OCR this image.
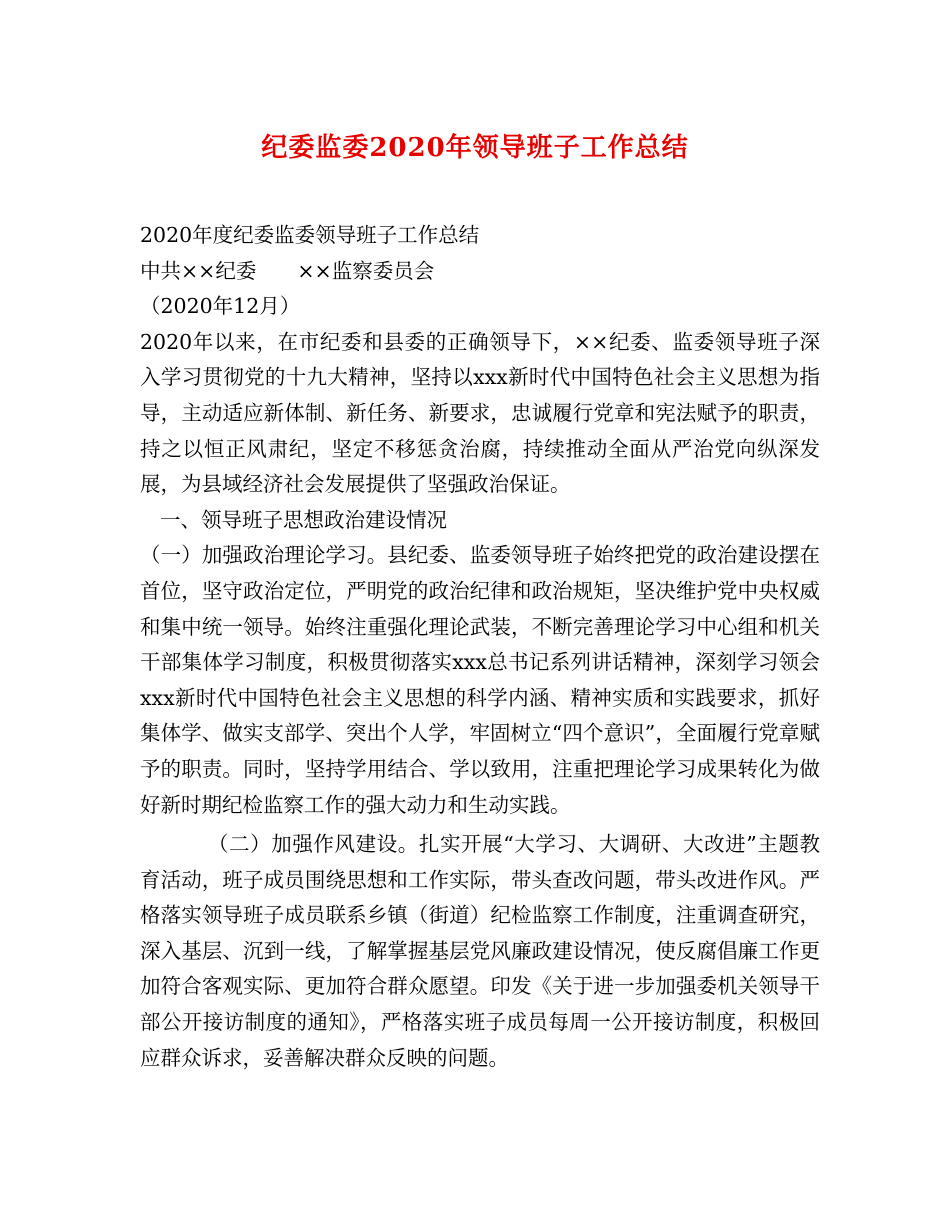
纪委监委2020年领导班子工作总结
2020年度纪委监委领导班子工作总结
中共××纪委　　××监察委员会
（2020年12月）
2020年以来，在市纪委和县委的正确领导下，××纪委、监委领导班子深入学习贯彻党的十九大精神，坚持以xxx新时代中国特色社会主义思想为指导，主动适应新体制、新任务、新要求，忠诚履行党章和宪法赋予的职责，持之以恒正风肃纪，坚定不移惩贪治腐，持续推动全面从严治党向纵深发展，为县域经济社会发展提供了坚强政治保证。
一、领导班子思想政治建设情况
（一）加强政治理论学习。县纪委、监委领导班子始终把党的政治建设摆在首位，坚守政治定位，严明党的政治纪律和政治规矩，坚决维护党中央权威和集中统一领导。始终注重强化理论武装，不断完善理论学习中心组和机关干部集体学习制度，积极贯彻落实xxx总书记系列讲话精神，深刻学习领会xxx新时代中国特色社会主义思想的科学内涵、精神实质和实践要求，抓好集体学、做实支部学、突出个人学，牢固树立“四个意识”，全面履行党章赋予的职责。同时，坚持学用结合、学以致用，注重把理论学习成果转化为做好新时期纪检监察工作的强大动力和生动实践。
（二）加强作风建设。扎实开展“大学习、大调研、大改进”主题教育活动，班子成员围绕思想和工作实际，带头查改问题，带头改进作风。严格落实领导班子成员联系乡镇（街道）纪检监察工作制度，注重调查研究，深入基层、沉到一线，了解掌握基层党风廉政建设情况，使反腐倡廉工作更加符合客观实际、更加符合群众愿望。印发《关于进一步加强委机关领导干部公开接访制度的通知》，严格落实班子成员每周一公开接访制度，积极回应群众诉求，妥善解决群众反映的问题。
